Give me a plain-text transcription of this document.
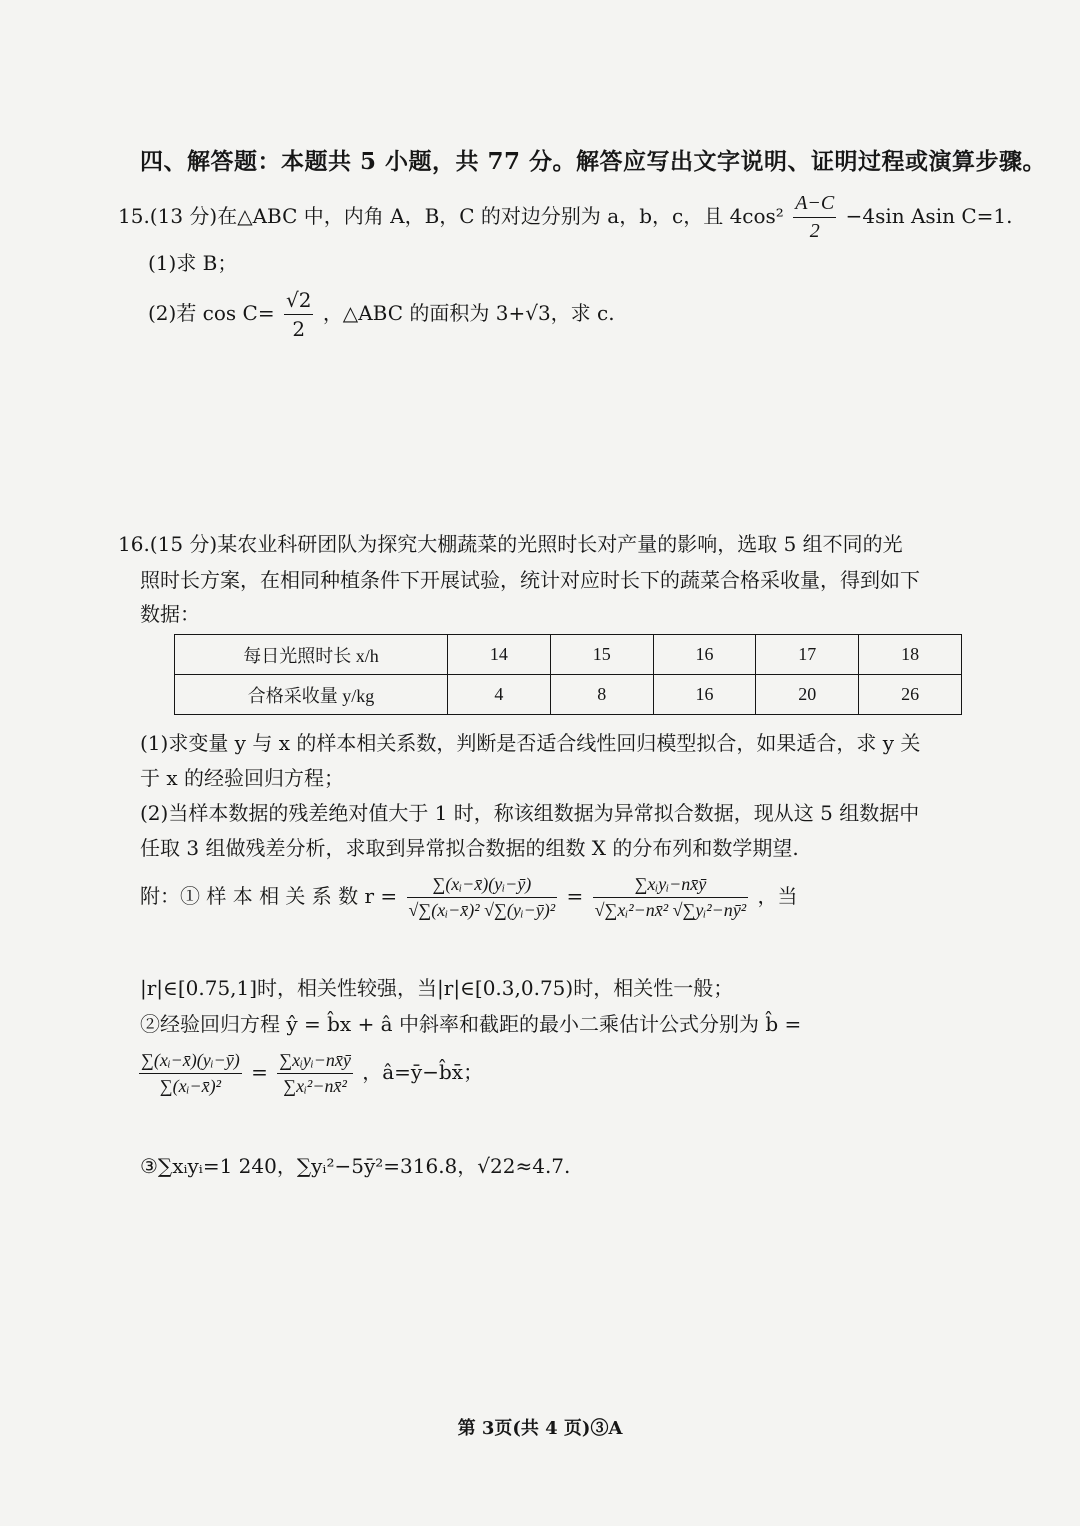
四、解答题：本题共 5 小题，共 77 分。解答应写出文字说明、证明过程或演算步骤。
15.(13 分)在△ABC 中，内角 A，B，C 的对边分别为 a，b，c，且 $4\cos^2 \frac{A-C}{2} -4\sin$ Asin C=1.
(1)求 B；
(2)若 $\cos C= \frac{√2}{2}$ ，△ABC 的面积为 3+√3，求 c.
16.(15 分)某农业科研团队为探究大棚蔬菜的光照时长对产量的影响，选取 5 组不同的光
照时长方案，在相同种植条件下开展试验，统计对应时长下的蔬菜合格采收量，得到如下
数据：
每日光照时长 x/h	14	15	16	17	18
合格采收量 y/kg	4	8	16	20	26
(1)求变量 y 与 x 的样本相关系数，判断是否适合线性回归模型拟合，如果适合，求 y 关
于 x 的经验回归方程；
(2)当样本数据的残差绝对值大于 1 时，称该组数据为异常拟合数据，现从这 5 组数据中
任取 3 组做残差分析，求取到异常拟合数据的组数 X 的分布列和数学期望.
附：① 样 本 相 关 系 数 $r = \frac{\text{∑(xᵢ−x̄)(yᵢ−ȳ)}}{\text{√∑(xᵢ−x̄)² √∑(yᵢ−ȳ)²}} = \frac{\text{∑xᵢyᵢ−nx̄ȳ}}{\text{√∑xᵢ²−nx̄² √∑yᵢ²−nȳ²}}$ ，当
|r|∈[0.75,1]时，相关性较强，当|r|∈[0.3,0.75)时，相关性一般；
②经验回归方程 ŷ = b̂x + â 中斜率和截距的最小二乘估计公式分别为 b̂ =
$\frac{\text{∑(xᵢ−x̄)(yᵢ−ȳ)}}{\text{∑(xᵢ−x̄)²}} = \frac{\text{∑xᵢyᵢ−nx̄ȳ}}{\text{∑xᵢ²−nx̄²}}$ ，â=ȳ−b̂x̄；
③∑xᵢyᵢ=1 240，∑yᵢ²−5ȳ²=316.8，√22≈4.7.
第 3页(共 4 页)③A
